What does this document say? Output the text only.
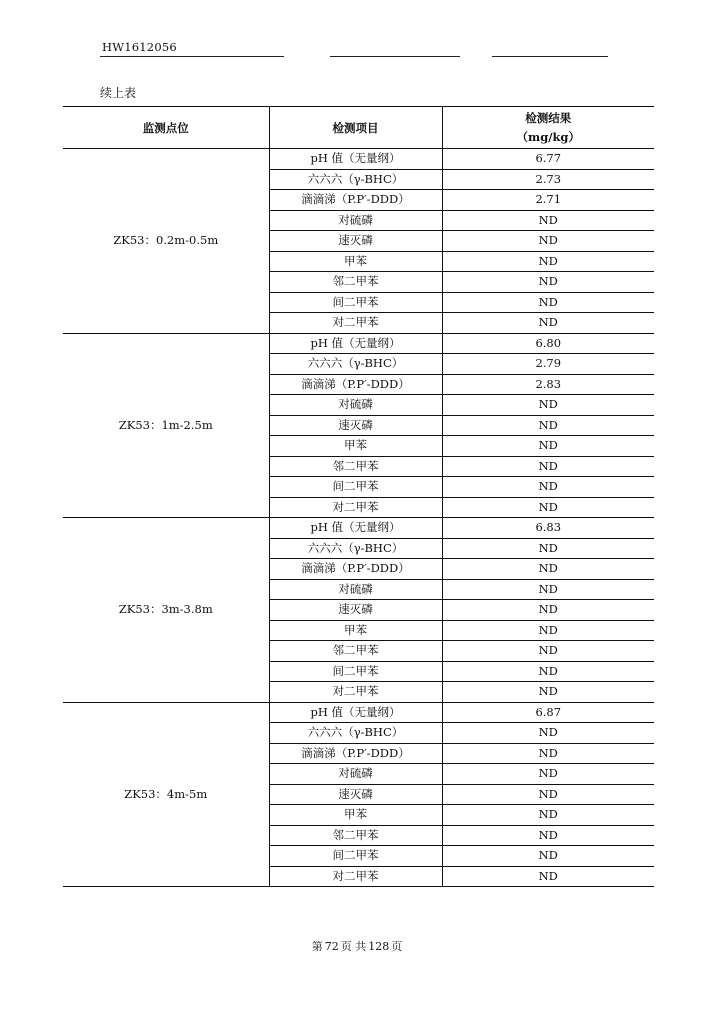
HW1612056
续上表
监测点位	检测项目	检测结果
（mg/kg）

ZK53：0.2m-0.5m	pH 值（无量纲）	6.77
	六六六（γ-BHC）	2.73
	滴滴涕（P.P′-DDD）	2.71
	对硫磷	ND
	速灭磷	ND
	甲苯	ND
	邻二甲苯	ND
	间二甲苯	ND
	对二甲苯	ND
ZK53：1m-2.5m	pH 值（无量纲）	6.80
	六六六（γ-BHC）	2.79
	滴滴涕（P.P′-DDD）	2.83
	对硫磷	ND
	速灭磷	ND
	甲苯	ND
	邻二甲苯	ND
	间二甲苯	ND
	对二甲苯	ND
ZK53：3m-3.8m	pH 值（无量纲）	6.83
	六六六（γ-BHC）	ND
	滴滴涕（P.P′-DDD）	ND
	对硫磷	ND
	速灭磷	ND
	甲苯	ND
	邻二甲苯	ND
	间二甲苯	ND
	对二甲苯	ND
ZK53：4m-5m	pH 值（无量纲）	6.87
	六六六（γ-BHC）	ND
	滴滴涕（P.P′-DDD）	ND
	对硫磷	ND
	速灭磷	ND
	甲苯	ND
	邻二甲苯	ND
	间二甲苯	ND
	对二甲苯	ND
第 72 页 共 128 页
